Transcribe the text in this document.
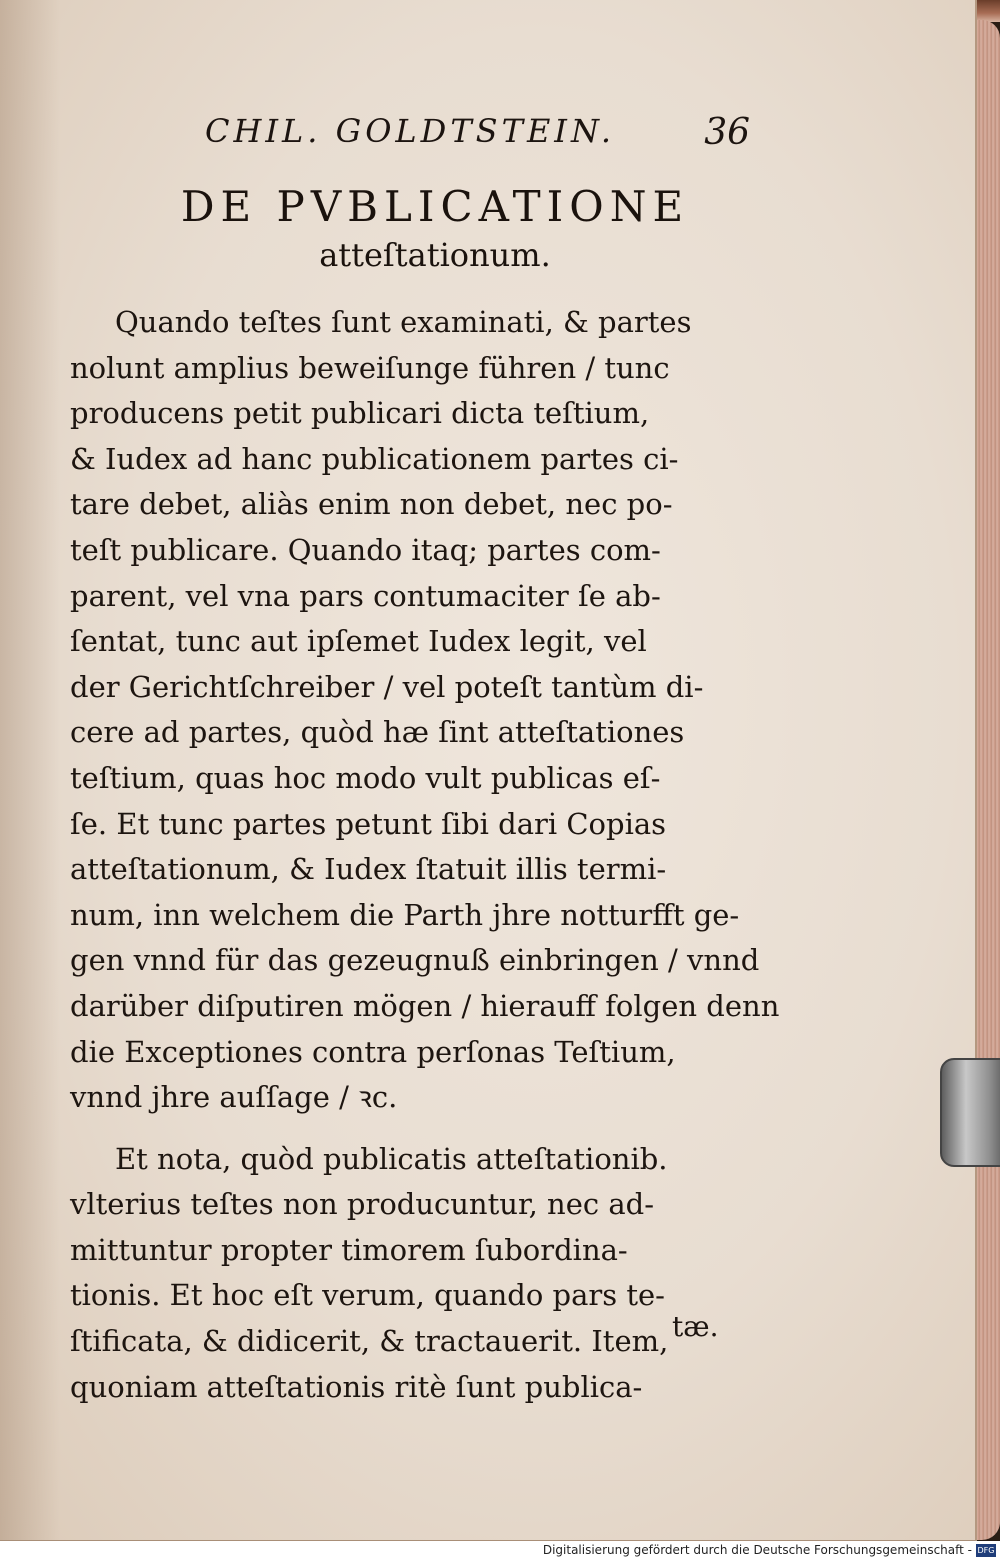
CHIL. GOLDTSTEIN. 36
DE PVBLICATIONE
atteſtationum.
Quando teſtes ſunt examinati, & partes
nolunt amplius beweiſunge führen / tunc
producens petit publicari dicta teſtium,
& Iudex ad hanc publicationem partes ci-
tare debet, aliàs enim non debet, nec po-
teſt publicare. Quando itaq; partes com-
parent, vel vna pars contumaciter ſe ab-
ſentat, tunc aut ipſemet Iudex legit, vel
der Gerichtſchreiber / vel poteſt tantùm di-
cere ad partes, quòd hæ ſint atteſtationes
teſtium, quas hoc modo vult publicas eſ-
ſe. Et tunc partes petunt ſibi dari Copias
atteſtationum, & Iudex ſtatuit illis termi-
num, inn welchem die Parth jhre notturfft ge-
gen vnnd für das gezeugnuß einbringen / vnnd
darüber diſputiren mögen / hierauff folgen denn
die Exceptiones contra perſonas Teſtium,
vnnd jhre auſſage / ꝛc.
Et nota, quòd publicatis atteſtationib.
vlterius teſtes non producuntur, nec ad-
mittuntur propter timorem ſubordina-
tionis. Et hoc eſt verum, quando pars te-
ſtificata, & didicerit, & tractauerit. Item,
quoniam atteſtationis ritè ſunt publica-
tæ.
Digitalisierung gefördert durch die Deutsche Forschungsgemeinschaft - DFG
